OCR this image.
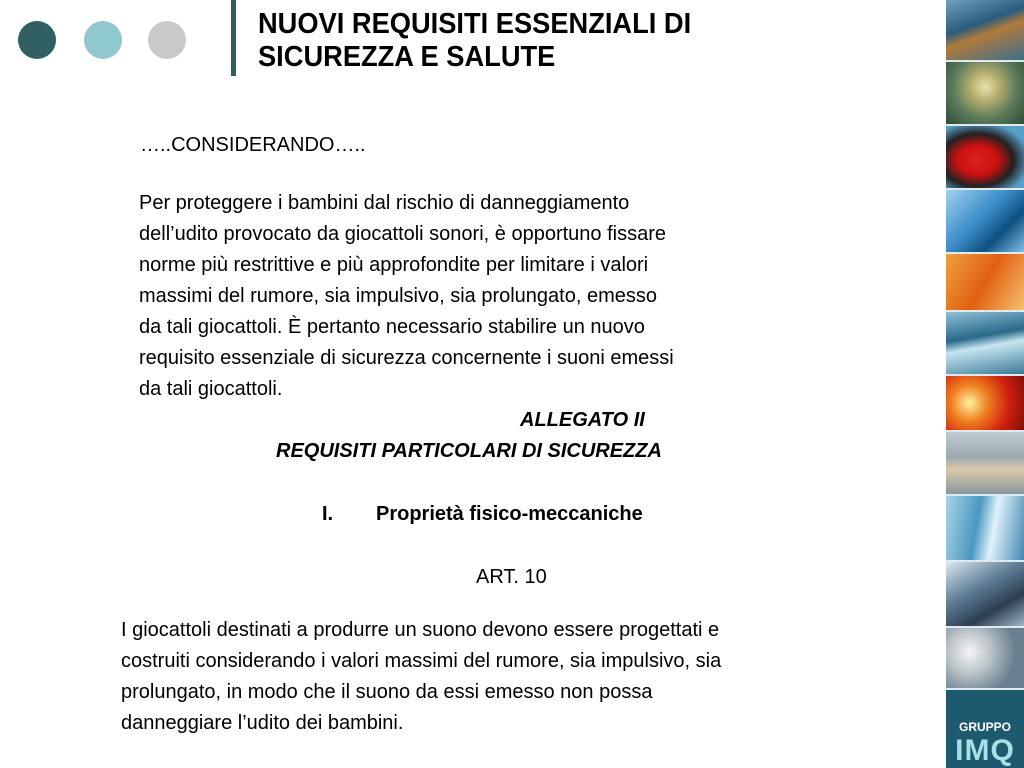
NUOVI REQUISITI ESSENZIALI DI
SICUREZZA E SALUTE
…..CONSIDERANDO…..
Per proteggere i bambini dal rischio di danneggiamento
dell’udito provocato da giocattoli sonori, è opportuno fissare
norme più restrittive e più approfondite per limitare i valori
massimi del rumore, sia impulsivo, sia prolungato, emesso
da tali giocattoli. È pertanto necessario stabilire un nuovo
requisito essenziale di sicurezza concernente i suoni emessi
da tali giocattoli.
ALLEGATO II
REQUISITI PARTICOLARI DI SICUREZZA
I. Proprietà fisico-meccaniche
ART. 10
I giocattoli destinati a produrre un suono devono essere progettati e
costruiti considerando i valori massimi del rumore, sia impulsivo, sia
prolungato, in modo che il suono da essi emesso non possa
danneggiare l’udito dei bambini.	GRUPPO
IMQ
